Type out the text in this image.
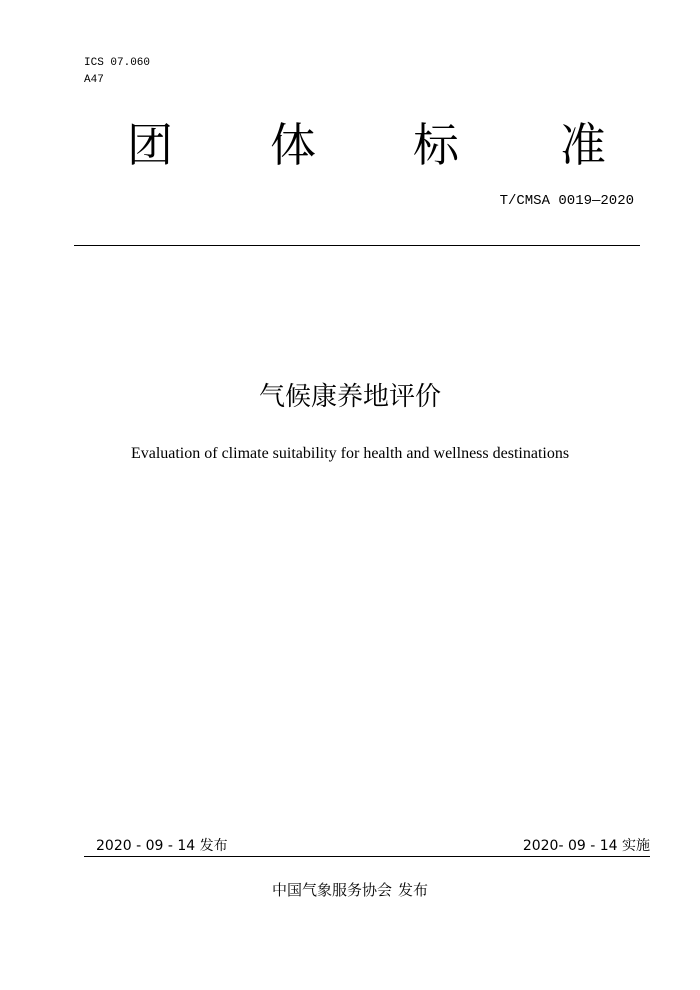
ICS 07.060
A47
团 体 标 准
T/CMSA 0019—2020
气候康养地评价
Evaluation of climate suitability for health and wellness destinations
2020 - 09 - 14 发布	2020- 09 - 14 实施
中国气象服务协会 发布
